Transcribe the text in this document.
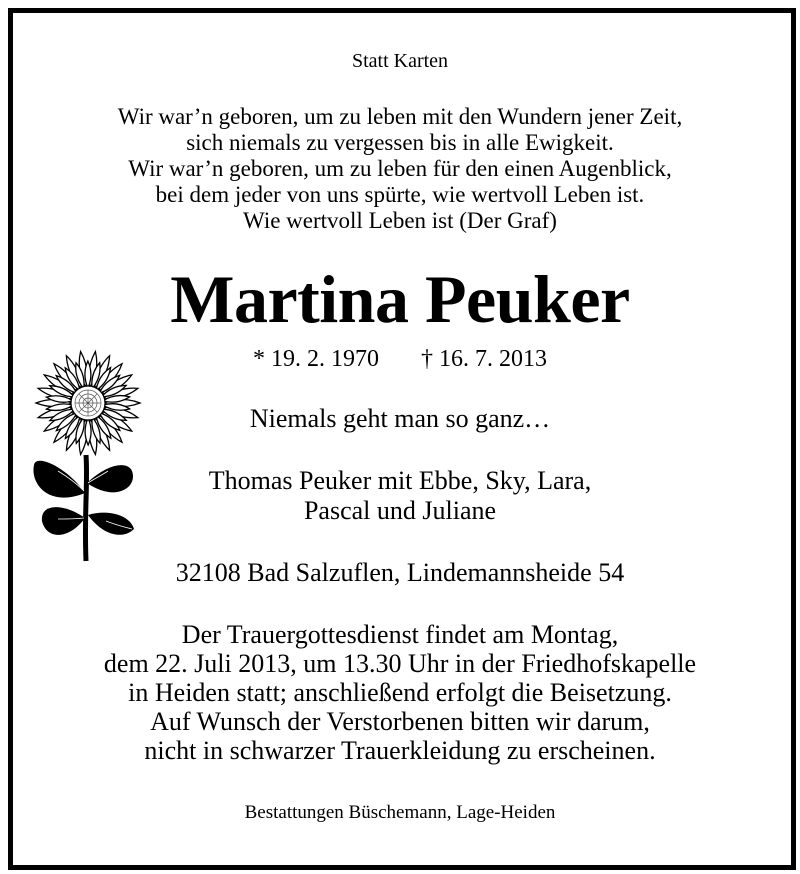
Statt Karten
Wir war’n geboren, um zu leben mit den Wundern jener Zeit,
sich niemals zu vergessen bis in alle Ewigkeit.
Wir war’n geboren, um zu leben für den einen Augenblick,
bei dem jeder von uns spürte, wie wertvoll Leben ist.
Wie wertvoll Leben ist (Der Graf)
Martina Peuker
* 19. 2. 1970 † 16. 7. 2013
Niemals geht man so ganz…
Thomas Peuker mit Ebbe, Sky, Lara,
Pascal und Juliane
32108 Bad Salzuflen, Lindemannsheide 54
Der Trauergottesdienst findet am Montag,
dem 22. Juli 2013, um 13.30 Uhr in der Friedhofskapelle
in Heiden statt; anschließend erfolgt die Beisetzung.
Auf Wunsch der Verstorbenen bitten wir darum,
nicht in schwarzer Trauerkleidung zu erscheinen.
Bestattungen Büschemann, Lage-Heiden
